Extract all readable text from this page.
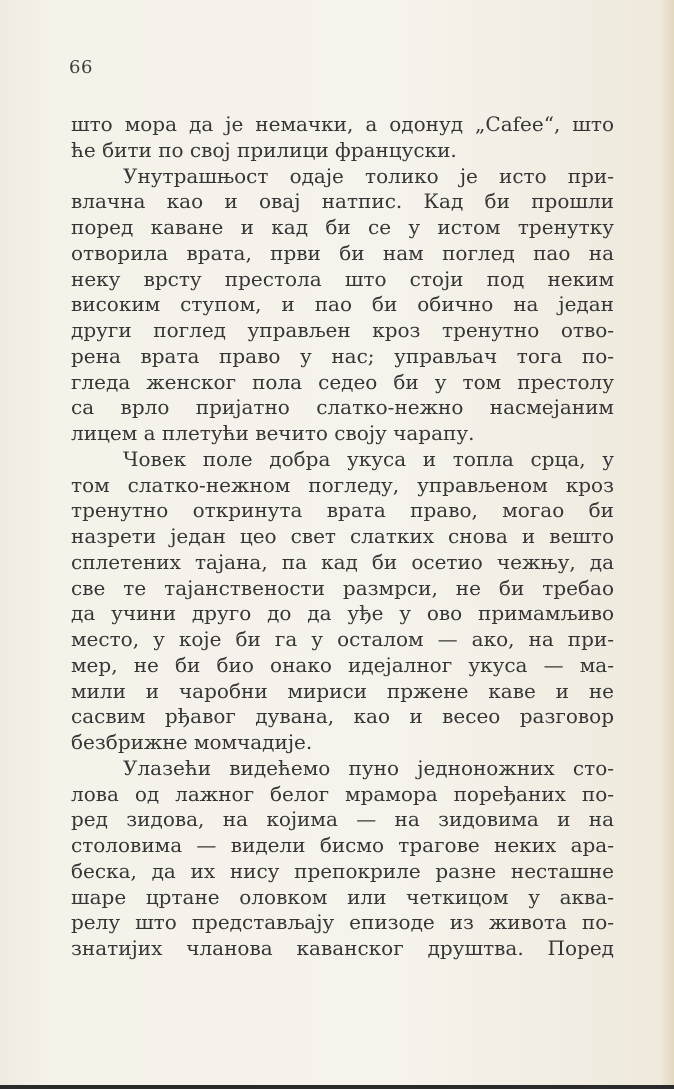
66
што мора да је немачки, а одонуд „Cafee“, што
ће бити по свој прилици француски.
Унутрашњост одаје толико је исто при-
влачна као и овај натпис. Кад би прошли
поред каване и кад би се у истом тренутку
отворила врата, први би нам поглед пао на
неку врсту престола што стоји под неким
високим ступом, и пао би обично на један
други поглед управљен кроз тренутно отво-
рена врата право у нас; управљач тога по-
гледа женског пола седео би у том престолу
са врло пријатно слатко-нежно насмејаним
лицем а плетући вечито своју чарапу.
Човек поле добра укуса и топла срца, у
том слатко-нежном погледу, управљеном кроз
тренутно откринута врата право, могао би
назрети један цео свет слатких снова и вешто
сплетених тајана, па кад би осетио чежњу, да
све те тајанствености размрси, не би требао
да учини друго до да уђе у ово примамљиво
место, у које би га у осталом — ако, на при-
мер, не би био онако идејалног укуса — ма-
мили и чаробни мириси пржене каве и не
сасвим рђавог дувана, као и весео разговор
безбрижне момчадије.
Улазећи видећемо пуно једноножних сто-
лова од лажног белог мрамора поређаних по-
ред зидова, на којима — на зидовима и на
столовима — видели бисмо трагове неких ара-
беска, да их нису препокриле разне несташне
шаре цртане оловком или четкицом у аква-
релу што представљају епизоде из живота по-
знатијих чланова каванског друштва. Поред
